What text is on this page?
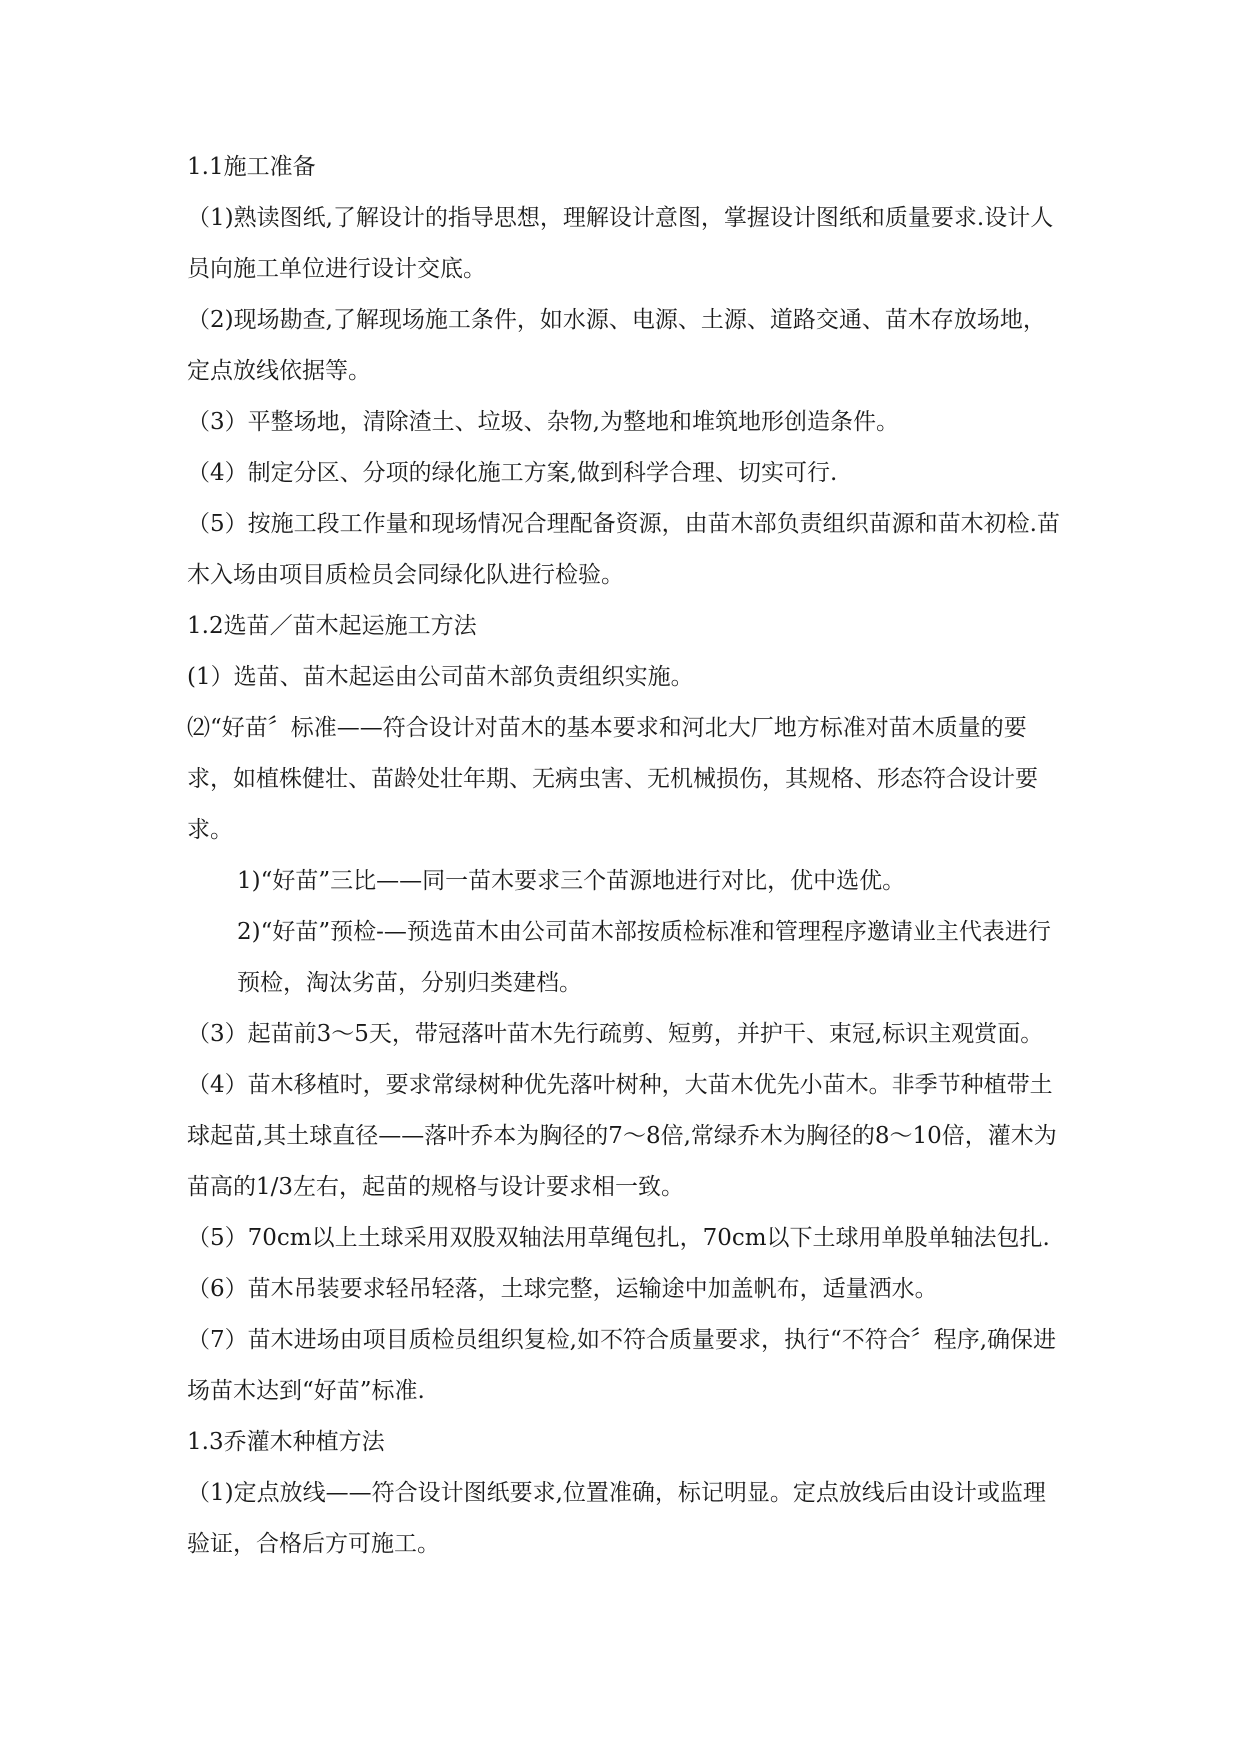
1.1施工准备

（1)熟读图纸,了解设计的指导思想，理解设计意图，掌握设计图纸和质量要求.设计人员向施工单位进行设计交底。

（2)现场勘查,了解现场施工条件，如水源、电源、土源、道路交通、苗木存放场地，定点放线依据等。

（3）平整场地，清除渣土、垃圾、杂物,为整地和堆筑地形创造条件。

（4）制定分区、分项的绿化施工方案,做到科学合理、切实可行.

（5）按施工段工作量和现场情况合理配备资源，由苗木部负责组织苗源和苗木初检.苗木入场由项目质检员会同绿化队进行检验。

1.2选苗／苗木起运施工方法

(1）选苗、苗木起运由公司苗木部负责组织实施。

⑵“好苗〞标准——符合设计对苗木的基本要求和河北大厂地方标准对苗木质量的要求，如植株健壮、苗龄处壮年期、无病虫害、无机械损伤，其规格、形态符合设计要求。

1)“好苗”三比——同一苗木要求三个苗源地进行对比，优中选优。

2)“好苗”预检-—预选苗木由公司苗木部按质检标准和管理程序邀请业主代表进行预检，淘汰劣苗，分别归类建档。

（3）起苗前3～5天，带冠落叶苗木先行疏剪、短剪，并护干、束冠,标识主观赏面。

（4）苗木移植时，要求常绿树种优先落叶树种，大苗木优先小苗木。非季节种植带土球起苗,其土球直径——落叶乔本为胸径的7～8倍,常绿乔木为胸径的8～10倍，灌木为苗高的1/3左右，起苗的规格与设计要求相一致。

（5）70cm以上土球采用双股双轴法用草绳包扎，70cm以下土球用单股单轴法包扎.

（6）苗木吊装要求轻吊轻落，土球完整，运输途中加盖帆布，适量洒水。

（7）苗木进场由项目质检员组织复检,如不符合质量要求，执行“不符合〞程序,确保进场苗木达到“好苗”标准.

1.3乔灌木种植方法

（1)定点放线——符合设计图纸要求,位置准确，标记明显。定点放线后由设计或监理验证，合格后方可施工。
